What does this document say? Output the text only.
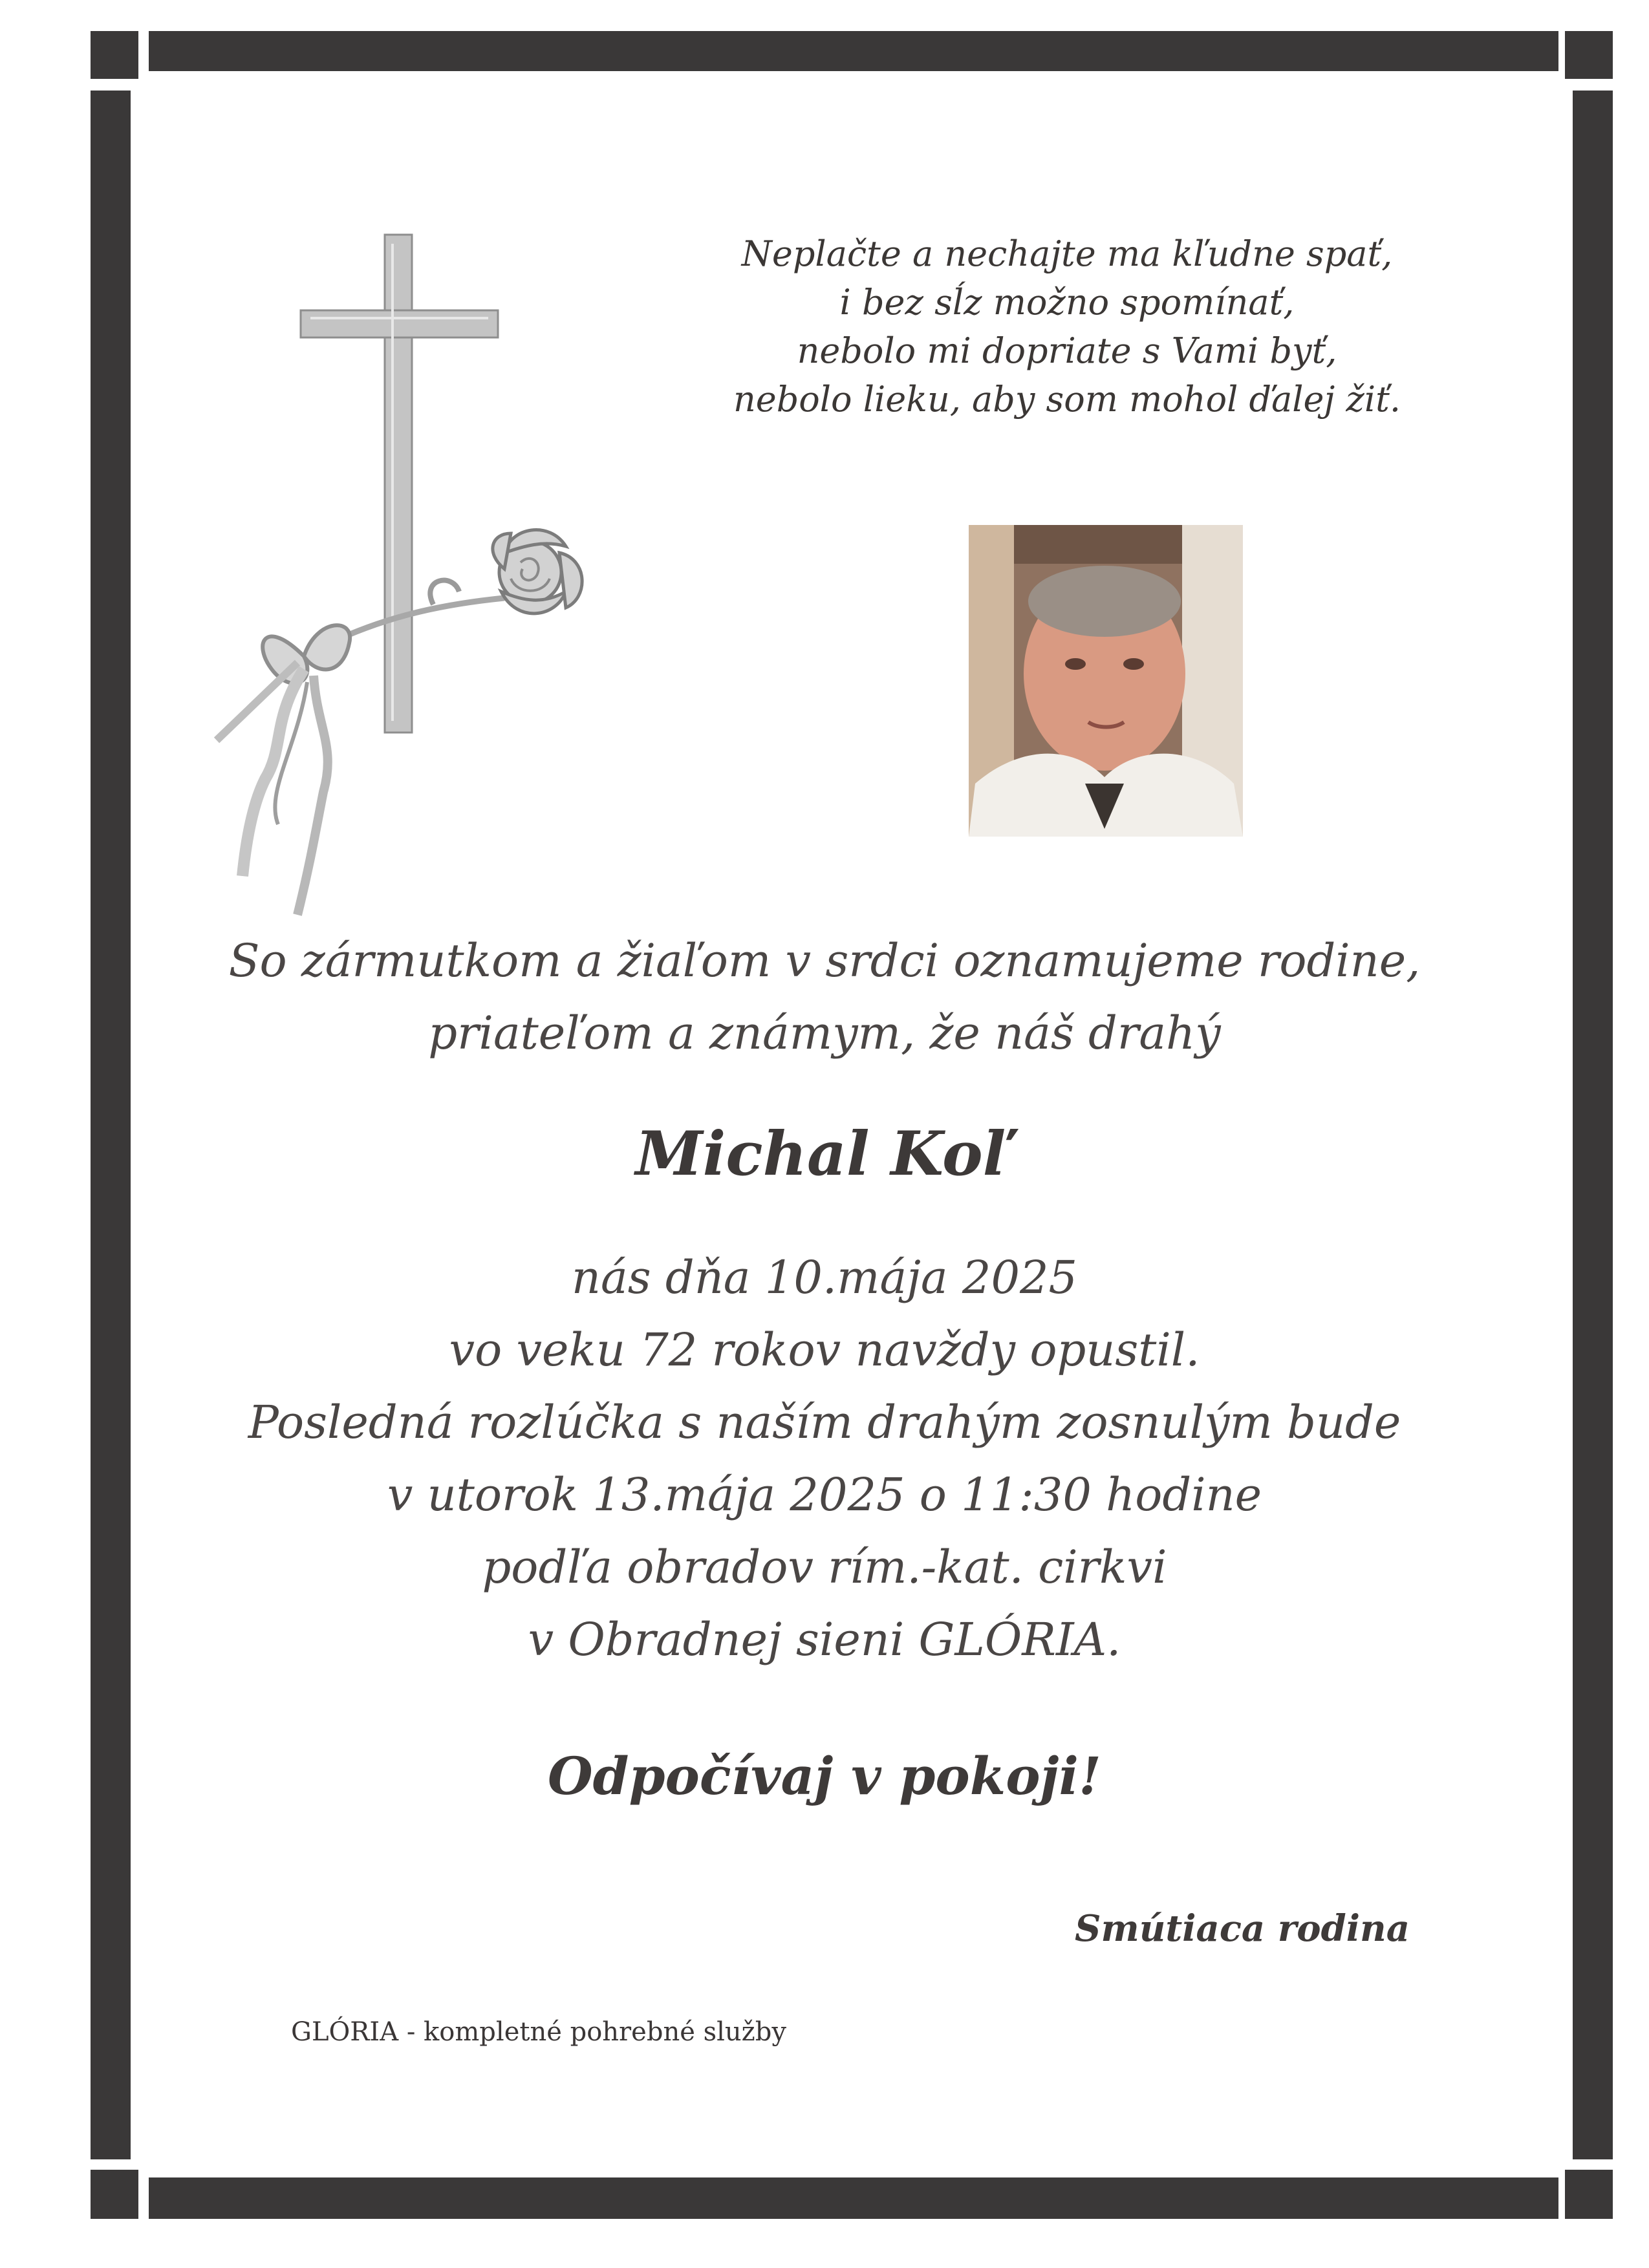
Neplačte a nechajte ma kľudne spať,
i bez sĺz možno spomínať,
nebolo mi dopriate s Vami byť,
nebolo lieku, aby som mohol ďalej žiť.
So zármutkom a žiaľom v srdci oznamujeme rodine,
priateľom a známym, že náš drahý
Michal Koľ
nás dňa 10.mája 2025
vo veku 72 rokov navždy opustil.
Posledná rozlúčka s naším drahým zosnulým bude
v utorok 13.mája 2025 o 11:30 hodine
podľa obradov rím.-kat. cirkvi
v Obradnej sieni GLÓRIA.
Odpočívaj v pokoji!
Smútiaca rodina
GLÓRIA - kompletné pohrebné služby
